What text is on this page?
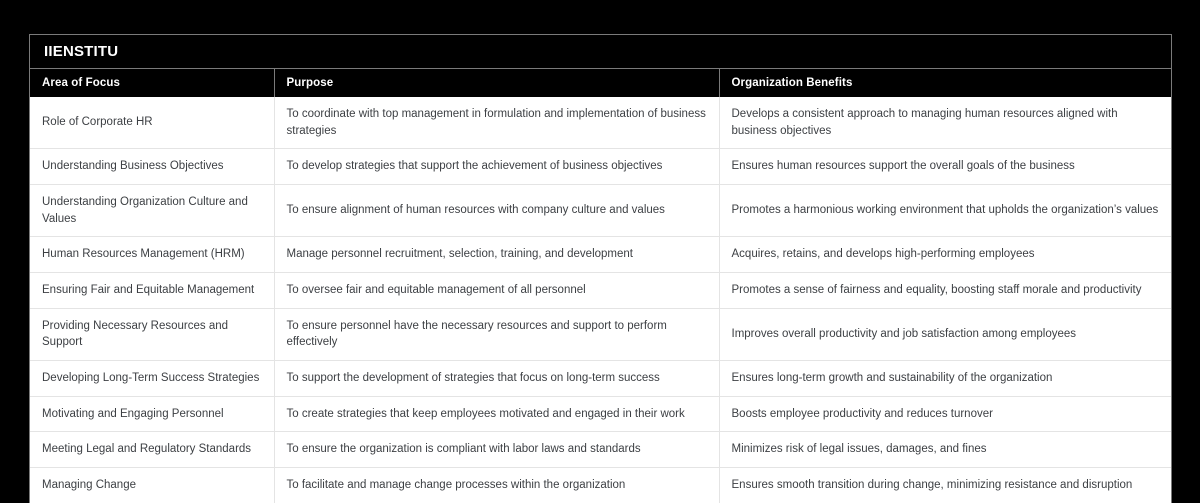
IIENSTITU
Area of Focus	Purpose	Organization Benefits
Role of Corporate HR	To coordinate with top management in formulation and implementation of business strategies	Develops a consistent approach to managing human resources aligned with business objectives
Understanding Business Objectives	To develop strategies that support the achievement of business objectives	Ensures human resources support the overall goals of the business
Understanding Organization Culture and Values	To ensure alignment of human resources with company culture and values	Promotes a harmonious working environment that upholds the organization’s values
Human Resources Management (HRM)	Manage personnel recruitment, selection, training, and development	Acquires, retains, and develops high-performing employees
Ensuring Fair and Equitable Management	To oversee fair and equitable management of all personnel	Promotes a sense of fairness and equality, boosting staff morale and productivity
Providing Necessary Resources and Support	To ensure personnel have the necessary resources and support to perform effectively	Improves overall productivity and job satisfaction among employees
Developing Long-Term Success Strategies	To support the development of strategies that focus on long-term success	Ensures long-term growth and sustainability of the organization
Motivating and Engaging Personnel	To create strategies that keep employees motivated and engaged in their work	Boosts employee productivity and reduces turnover
Meeting Legal and Regulatory Standards	To ensure the organization is compliant with labor laws and standards	Minimizes risk of legal issues, damages, and fines
Managing Change	To facilitate and manage change processes within the organization	Ensures smooth transition during change, minimizing resistance and disruption
